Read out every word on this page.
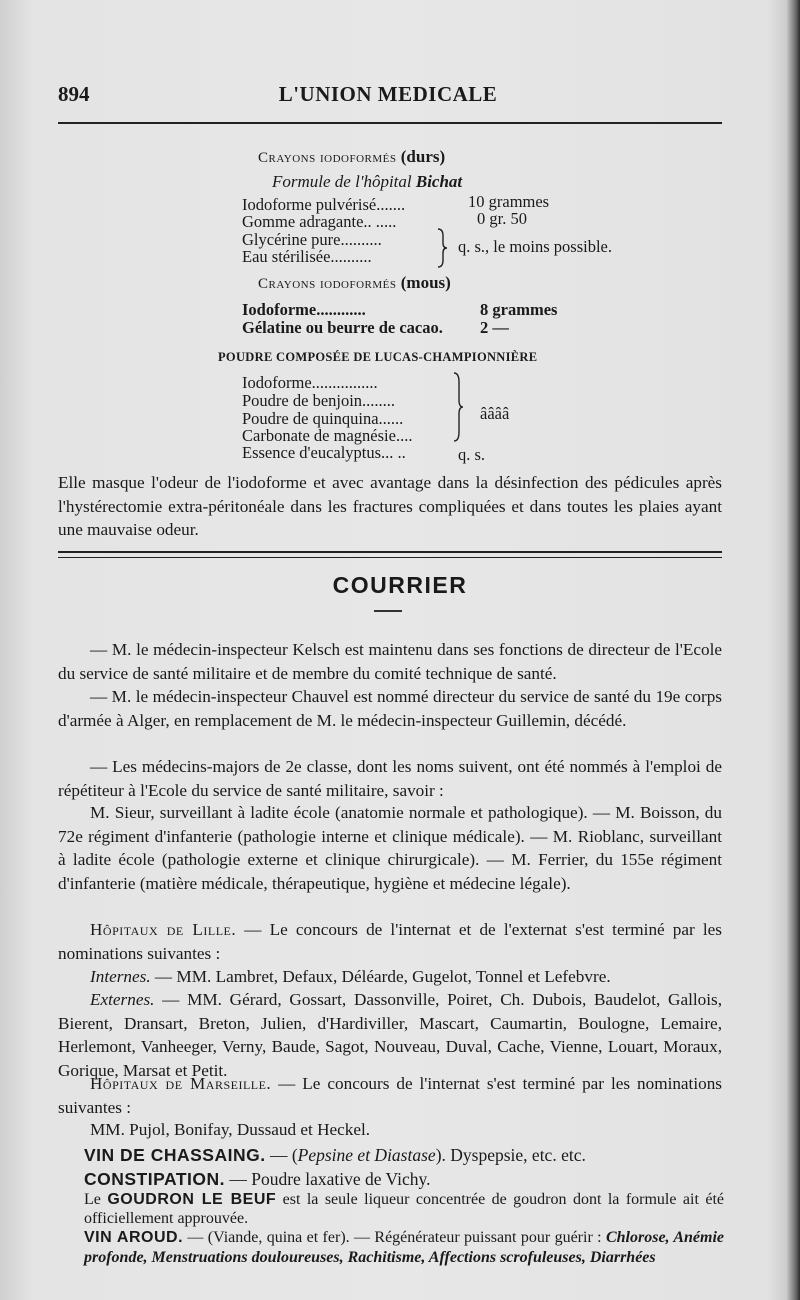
894	L'UNION MEDICALE
Crayons iodoformés (durs)
Formule de l'hôpital Bichat
Iodoforme pulvérisé.......	10 grammes
Gomme adragante.. .....	0 gr. 50
Glycérine pure..........
Eau stérilisée..........
q. s., le moins possible.
Crayons iodoformés (mous)
Iodoforme............	8 grammes
Gélatine ou beurre de cacao. 2 —
POUDRE COMPOSÉE DE LUCAS-CHAMPIONNIÈRE
Iodoforme................
Poudre de benjoin........
Poudre de quinquina......
Carbonate de magnésie....
Essence d'eucalyptus... ..
ââââ
q. s.
Elle masque l'odeur de l'iodoforme et avec avantage dans la désinfection des pédicules après l'hystérectomie extra-péritonéale dans les fractures compliquées et dans toutes les plaies ayant une mauvaise odeur.
COURRIER
— M. le médecin-inspecteur Kelsch est maintenu dans ses fonctions de directeur de l'Ecole du service de santé militaire et de membre du comité technique de santé.
— M. le médecin-inspecteur Chauvel est nommé directeur du service de santé du 19e corps d'armée à Alger, en remplacement de M. le médecin-inspecteur Guillemin, décédé.
— Les médecins-majors de 2e classe, dont les noms suivent, ont été nommés à l'emploi de répétiteur à l'Ecole du service de santé militaire, savoir :
M. Sieur, surveillant à ladite école (anatomie normale et pathologique). — M. Boisson, du 72e régiment d'infanterie (pathologie interne et clinique médicale). — M. Rioblanc, surveillant à ladite école (pathologie externe et clinique chirurgicale). — M. Ferrier, du 155e régiment d'infanterie (matière médicale, thérapeutique, hygiène et médecine légale).
Hôpitaux de Lille. — Le concours de l'internat et de l'externat s'est terminé par les nominations suivantes :
Internes. — MM. Lambret, Defaux, Déléarde, Gugelot, Tonnel et Lefebvre.
Externes. — MM. Gérard, Gossart, Dassonville, Poiret, Ch. Dubois, Baudelot, Gallois, Bierent, Dransart, Breton, Julien, d'Hardiviller, Mascart, Caumartin, Boulogne, Lemaire, Herlemont, Vanheeger, Verny, Baude, Sagot, Nouveau, Duval, Cache, Vienne, Louart, Moraux, Gorique, Marsat et Petit.
Hôpitaux de Marseille. — Le concours de l'internat s'est terminé par les nominations suivantes :
MM. Pujol, Bonifay, Dussaud et Heckel.
VIN DE CHASSAING. — (Pepsine et Diastase). Dyspepsie, etc. etc.
CONSTIPATION. — Poudre laxative de Vichy.
Le GOUDRON LE BEUF est la seule liqueur concentrée de goudron dont la formule ait été officiellement approuvée.
VIN AROUD. — (Viande, quina et fer). — Régénérateur puissant pour guérir : Chlorose, Anémie profonde, Menstruations douloureuses, Rachitisme, Affections scrofuleuses, Diarrhées
